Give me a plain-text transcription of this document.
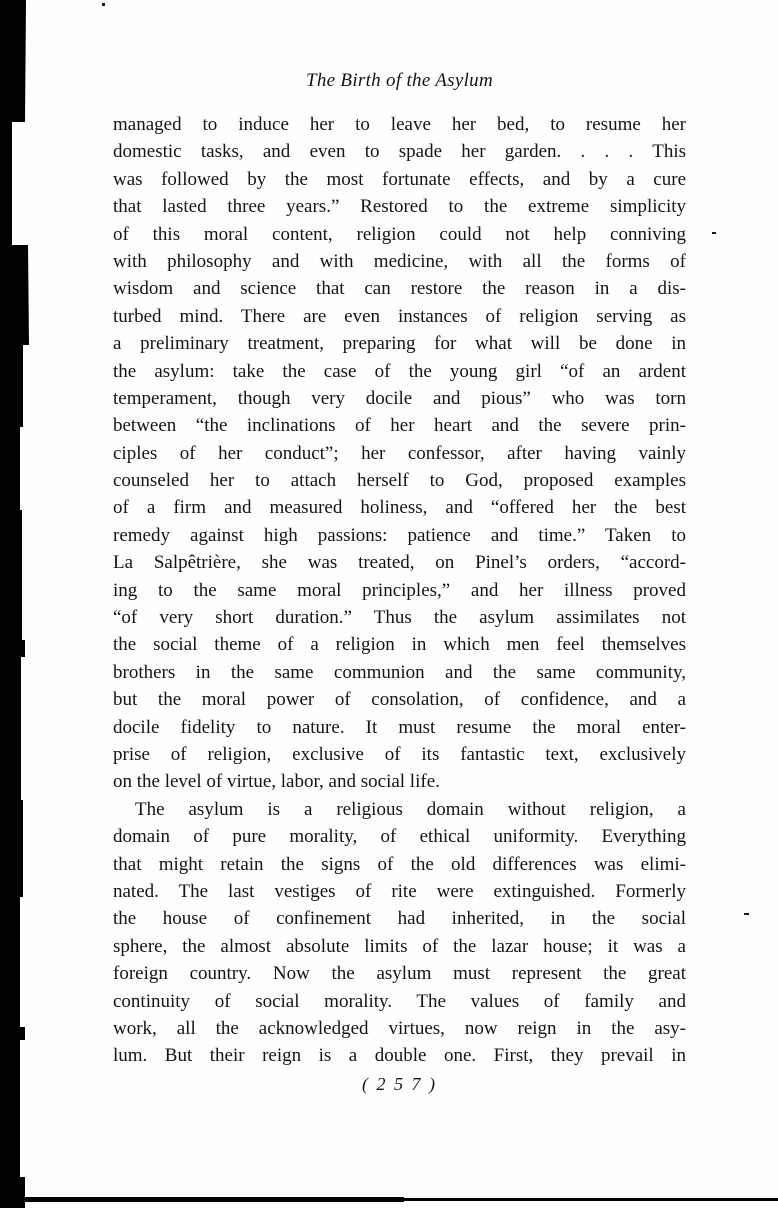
The Birth of the Asylum
managed to induce her to leave her bed, to resume her
domestic tasks, and even to spade her garden. . . . This
was followed by the most fortunate effects, and by a cure
that lasted three years.” Restored to the extreme simplicity
of this moral content, religion could not help conniving
with philosophy and with medicine, with all the forms of
wisdom and science that can restore the reason in a dis-
turbed mind. There are even instances of religion serving as
a preliminary treatment, preparing for what will be done in
the asylum: take the case of the young girl “of an ardent
temperament, though very docile and pious” who was torn
between “the inclinations of her heart and the severe prin-
ciples of her conduct”; her confessor, after having vainly
counseled her to attach herself to God, proposed examples
of a firm and measured holiness, and “offered her the best
remedy against high passions: patience and time.” Taken to
La Salpêtrière, she was treated, on Pinel’s orders, “accord-
ing to the same moral principles,” and her illness proved
“of very short duration.” Thus the asylum assimilates not
the social theme of a religion in which men feel themselves
brothers in the same communion and the same community,
but the moral power of consolation, of confidence, and a
docile fidelity to nature. It must resume the moral enter-
prise of religion, exclusive of its fantastic text, exclusively
on the level of virtue, labor, and social life.
The asylum is a religious domain without religion, a
domain of pure morality, of ethical uniformity. Everything
that might retain the signs of the old differences was elimi-
nated. The last vestiges of rite were extinguished. Formerly
the house of confinement had inherited, in the social
sphere, the almost absolute limits of the lazar house; it was a
foreign country. Now the asylum must represent the great
continuity of social morality. The values of family and
work, all the acknowledged virtues, now reign in the asy-
lum. But their reign is a double one. First, they prevail in
( 2 5 7 )
